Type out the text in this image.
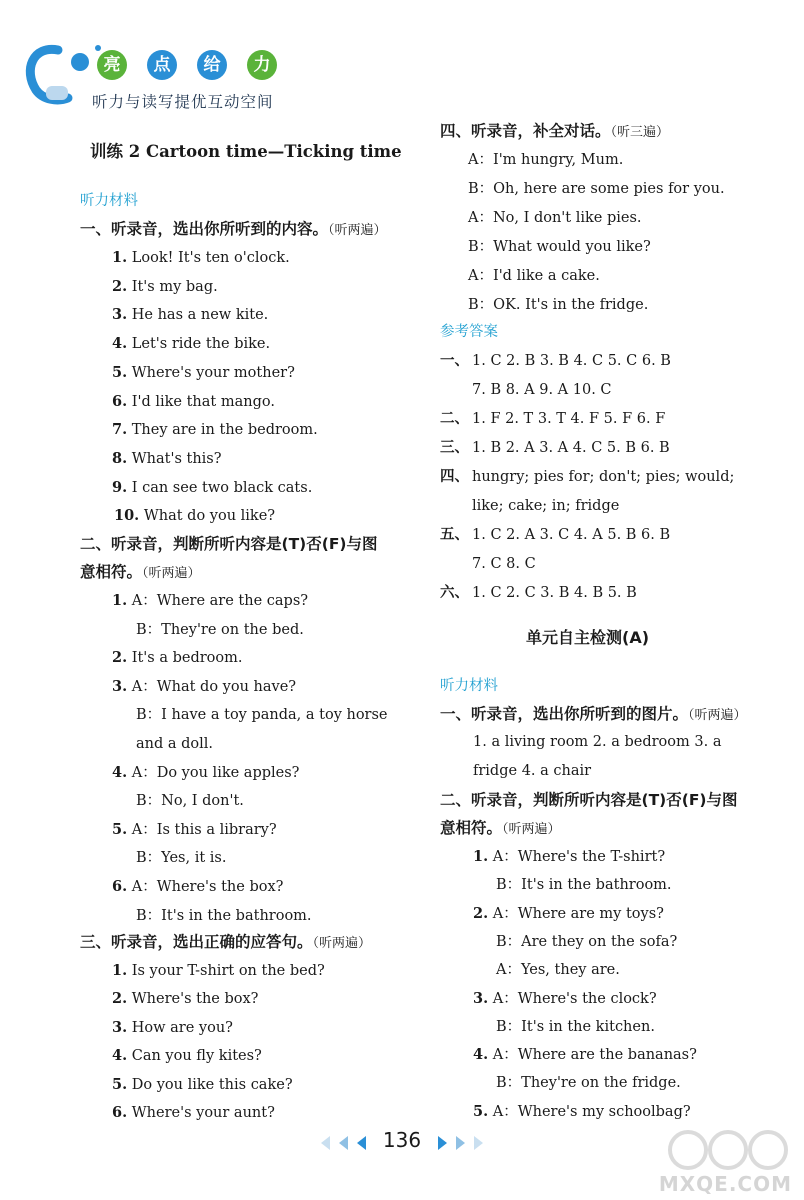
亮	点	给	力
听力与读写提优互动空间
训练 2 Cartoon time—Ticking time
听力材料
一、听录音，选出你所听到的内容。（听两遍）
1. Look! It's ten o'clock.
2. It's my bag.
3. He has a new kite.
4. Let's ride the bike.
5. Where's your mother?
6. I'd like that mango.
7. They are in the bedroom.
8. What's this?
9. I can see two black cats.
10. What do you like?
二、听录音，判断所听内容是(T)否(F)与图
意相符。（听两遍）
1. A：Where are the caps?
B：They're on the bed.
2. It's a bedroom.
3. A：What do you have?
B：I have a toy panda, a toy horse
and a doll.
4. A：Do you like apples?
B：No, I don't.
5. A：Is this a library?
B：Yes, it is.
6. A：Where's the box?
B：It's in the bathroom.
三、听录音，选出正确的应答句。（听两遍）
1. Is your T-shirt on the bed?
2. Where's the box?
3. How are you?
4. Can you fly kites?
5. Do you like this cake?
6. Where's your aunt?
四、听录音，补全对话。（听三遍）
A：I'm hungry, Mum.
B：Oh, here are some pies for you.
A：No, I don't like pies.
B：What would you like?
A：I'd like a cake.
B：OK. It's in the fridge.
参考答案
一、 1. C 2. B 3. B 4. C 5. C 6. B
7. B 8. A 9. A 10. C
二、 1. F 2. T 3. T 4. F 5. F 6. F
三、 1. B 2. A 3. A 4. C 5. B 6. B
四、 hungry; pies for; don't; pies; would;
like; cake; in; fridge
五、 1. C 2. A 3. C 4. A 5. B 6. B
7. C 8. C
六、 1. C 2. C 3. B 4. B 5. B
单元自主检测(A)
听力材料
一、听录音，选出你所听到的图片。（听两遍）
1. a living room 2. a bedroom 3. a
fridge 4. a chair
二、听录音，判断所听内容是(T)否(F)与图
意相符。（听两遍）
1. A：Where's the T-shirt?
B：It's in the bathroom.
2. A：Where are my toys?
B：Are they on the sofa?
A：Yes, they are.
3. A：Where's the clock?
B：It's in the kitchen.
4. A：Where are the bananas?
B：They're on the fridge.
5. A：Where's my schoolbag?
136
MXQE.COM
